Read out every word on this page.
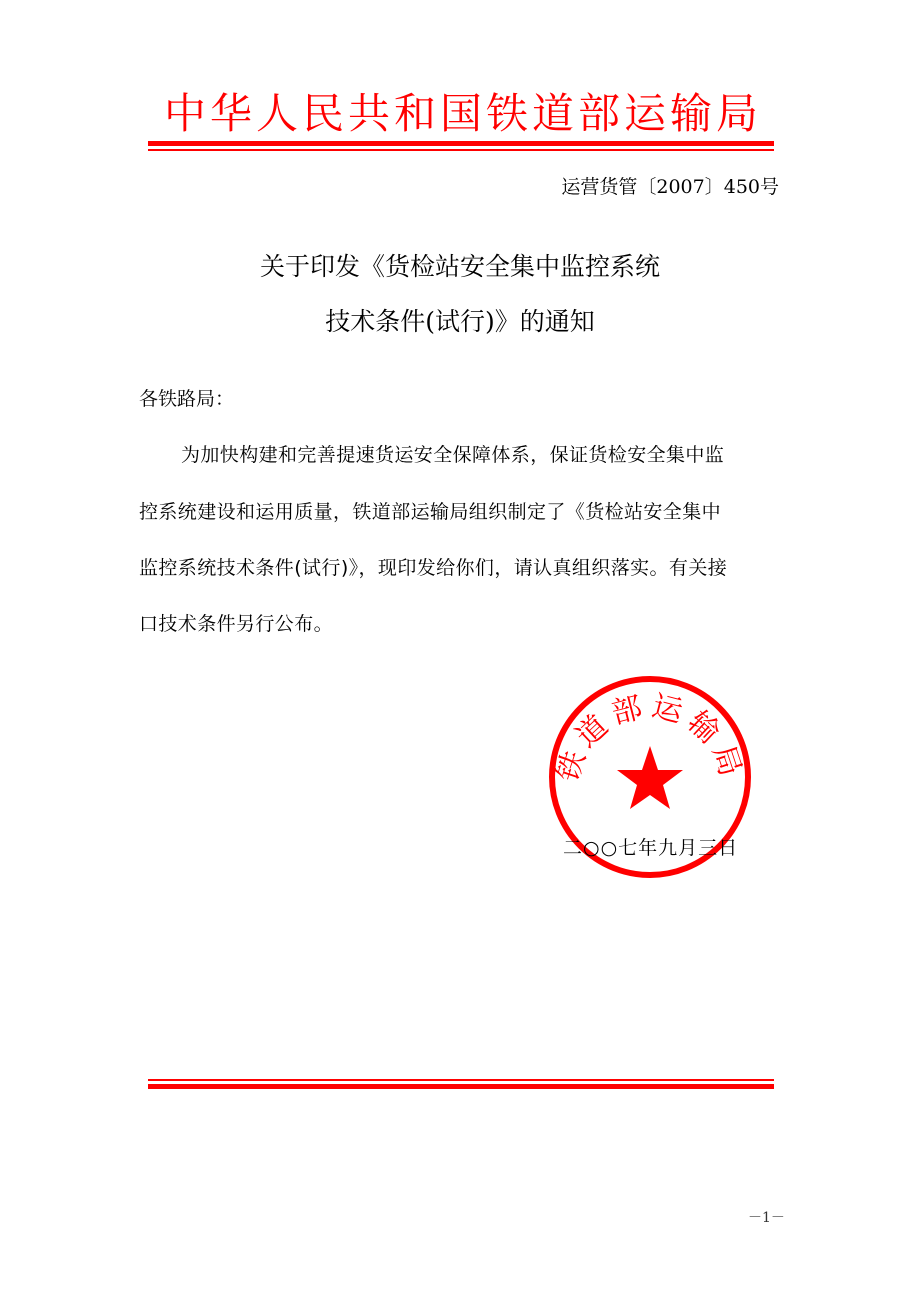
中华人民共和国铁道部运输局
运营货管〔2007〕450号
关于印发《货检站安全集中监控系统
技术条件(试行)》的通知
各铁路局：
为加快构建和完善提速货运安全保障体系，保证货检安全集中监
控系统建设和运用质量，铁道部运输局组织制定了《货检站安全集中
监控系统技术条件(试行)》，现印发给你们，请认真组织落实。有关接
口技术条件另行公布。
铁道部运输局
二○○七年九月三日
－1－
